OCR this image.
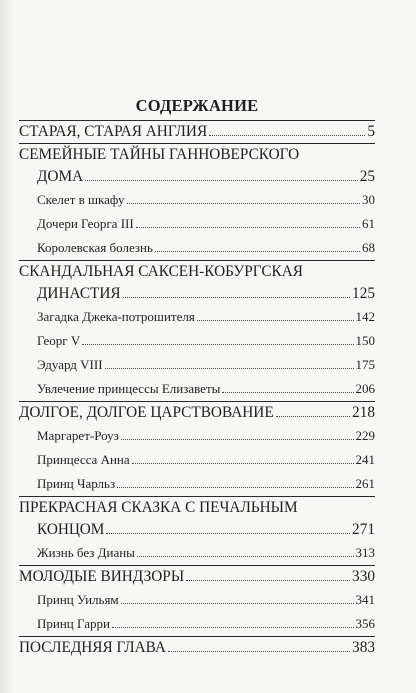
СОДЕРЖАНИЕ
СТАРАЯ, СТАРАЯ АНГЛИЯ	5
СЕМЕЙНЫЕ ТАЙНЫ ГАННОВЕРСКОГО
ДОМА	25
Скелет в шкафу	30
Дочери Георга III	61
Королевская болезнь	68
СКАНДАЛЬНАЯ САКСЕН-КОБУРГСКАЯ
ДИНАСТИЯ	125
Загадка Джека-потрошителя	142
Георг V	150
Эдуард VIII	175
Увлечение принцессы Елизаветы	206
ДОЛГОЕ, ДОЛГОЕ ЦАРСТВОВАНИЕ	218
Маргарет-Роуз	229
Принцесса Анна	241
Принц Чарльз	261
ПРЕКРАСНАЯ СКАЗКА С ПЕЧАЛЬНЫМ
КОНЦОМ	271
Жизнь без Дианы	313
МОЛОДЫЕ ВИНДЗОРЫ	330
Принц Уильям	341
Принц Гарри	356
ПОСЛЕДНЯЯ ГЛАВА	383
